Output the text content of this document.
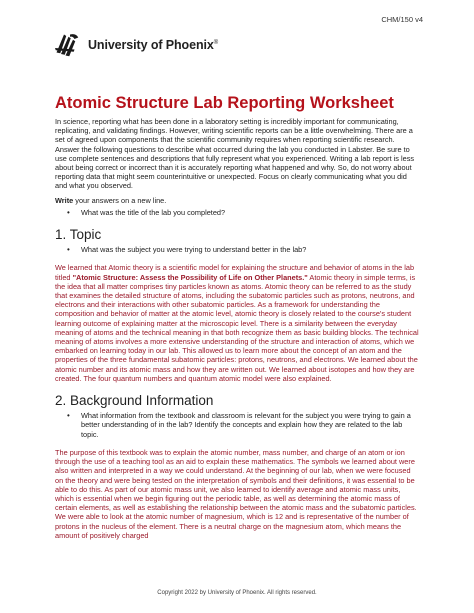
CHM/150 v4
University of Phoenix®
Atomic Structure Lab Reporting Worksheet

In science, reporting what has been done in a laboratory setting is incredibly important for communicating, replicating, and validating findings. However, writing scientific reports can be a little overwhelming. There are a set of agreed upon components that the scientific community requires when reporting scientific research. Answer the following questions to describe what occurred during the lab you conducted in Labster. Be sure to use complete sentences and descriptions that fully represent what you experienced. Writing a lab report is less about being correct or incorrect than it is accurately reporting what happened and why. So, do not worry about reporting data that might seem counterintuitive or unexpected. Focus on clearly communicating what you did and what you observed.

Write your answers on a new line.

•	What was the title of the lab you completed?
1. Topic
•	What was the subject you were trying to understand better in the lab?

We learned that Atomic theory is a scientific model for explaining the structure and behavior of atoms in the lab titled "Atomic Structure: Assess the Possibility of Life on Other Planets." Atomic theory in simple terms, is the idea that all matter comprises tiny particles known as atoms. Atomic theory can be referred to as the study that examines the detailed structure of atoms, including the subatomic particles such as protons, neutrons, and electrons and their interactions with other subatomic particles. As a framework for understanding the composition and behavior of matter at the atomic level, atomic theory is closely related to the course's student learning outcome of explaining matter at the microscopic level. There is a similarity between the everyday meaning of atoms and the technical meaning in that both recognize them as basic building blocks. The technical meaning of atoms involves a more extensive understanding of the structure and interaction of atoms, which we embarked on learning today in our lab. This allowed us to learn more about the concept of an atom and the properties of the three fundamental subatomic particles: protons, neutrons, and electrons. We learned about the atomic number and its atomic mass and how they are written out. We learned about isotopes and how they are created. The four quantum numbers and quantum atomic model were also explained.

2. Background Information
•	What information from the textbook and classroom is relevant for the subject you were trying to gain a better understanding of in the lab? Identify the concepts and explain how they are related to the lab topic.

The purpose of this textbook was to explain the atomic number, mass number, and charge of an atom or ion through the use of a teaching tool as an aid to explain these mathematics. The symbols we learned about were also written and interpreted in a way we could understand. At the beginning of our lab, when we were focused on the theory and were being tested on the interpretation of symbols and their definitions, it was essential to be able to do this. As part of our atomic mass unit, we also learned to identify average and atomic mass units, which is essential when we begin figuring out the periodic table, as well as determining the atomic mass of certain elements, as well as establishing the relationship between the atomic mass and the subatomic particles. We were able to look at the atomic number of magnesium, which is 12 and is representative of the number of protons in the nucleus of the element. There is a neutral charge on the magnesium atom, which means the amount of positively charged

Copyright 2022 by University of Phoenix. All rights reserved.
